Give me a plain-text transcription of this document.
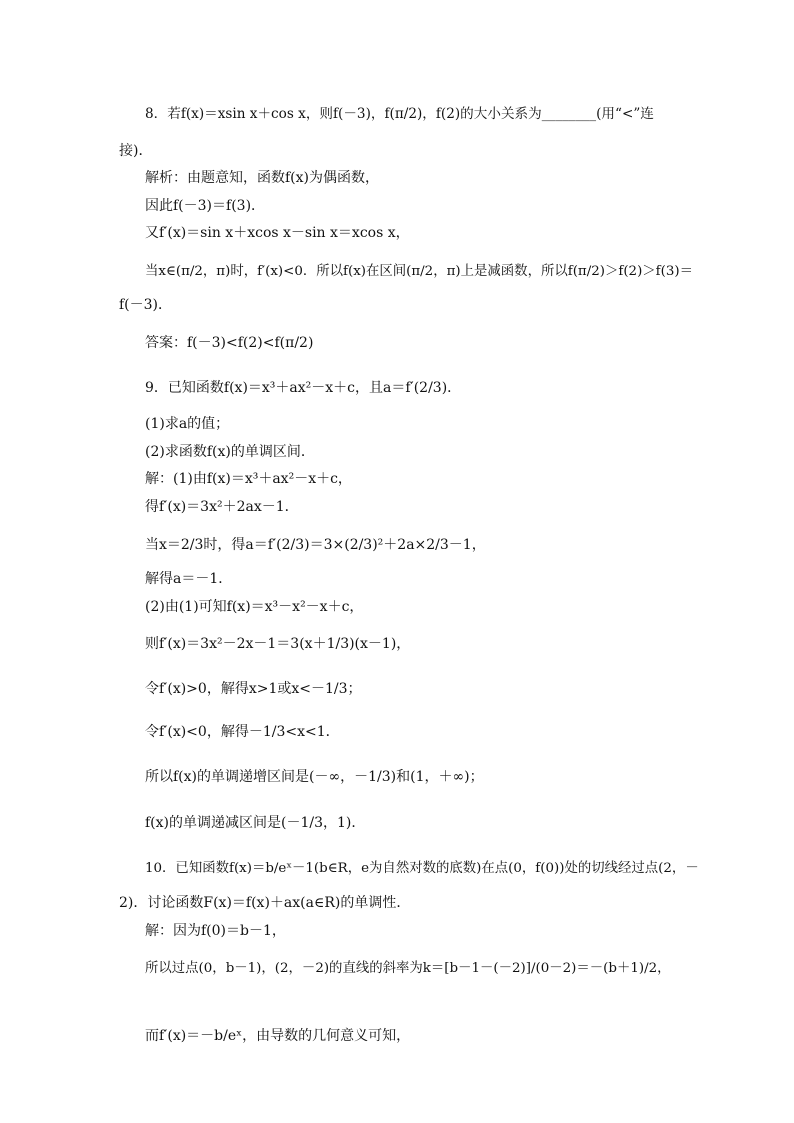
8．若f(x)＝xsin x＋cos x，则f(－3)，f(π/2)，f(2)的大小关系为________(用“<”连
接)．
解析：由题意知，函数f(x)为偶函数，
因此f(－3)＝f(3)．
又f′(x)＝sin x＋xcos x－sin x＝xcos x，
当x∈(π/2，π)时，f′(x)<0．所以f(x)在区间(π/2，π)上是减函数，所以f(π/2)＞f(2)＞f(3)＝
f(－3)．
答案：f(－3)<f(2)<f(π/2)
9．已知函数f(x)＝x³＋ax²－x＋c，且a＝f′(2/3)．
(1)求a的值；
(2)求函数f(x)的单调区间．
解：(1)由f(x)＝x³＋ax²－x＋c，
得f′(x)＝3x²＋2ax－1．
当x＝2/3时，得a＝f′(2/3)＝3×(2/3)²＋2a×2/3－1，
解得a＝－1．
(2)由(1)可知f(x)＝x³－x²－x＋c，
则f′(x)＝3x²－2x－1＝3(x＋1/3)(x－1)，
令f′(x)>0，解得x>1或x<－1/3；
令f′(x)<0，解得－1/3<x<1．
所以f(x)的单调递增区间是(－∞，－1/3)和(1，＋∞)；
f(x)的单调递减区间是(－1/3，1)．
10．已知函数f(x)＝b/eˣ－1(b∈R，e为自然对数的底数)在点(0，f(0))处的切线经过点(2，－
2)．讨论函数F(x)＝f(x)＋ax(a∈R)的单调性．
解：因为f(0)＝b－1，
所以过点(0，b－1)，(2，－2)的直线的斜率为k＝[b－1－(－2)]/(0－2)＝－(b＋1)/2，
而f′(x)＝－b/eˣ，由导数的几何意义可知，
